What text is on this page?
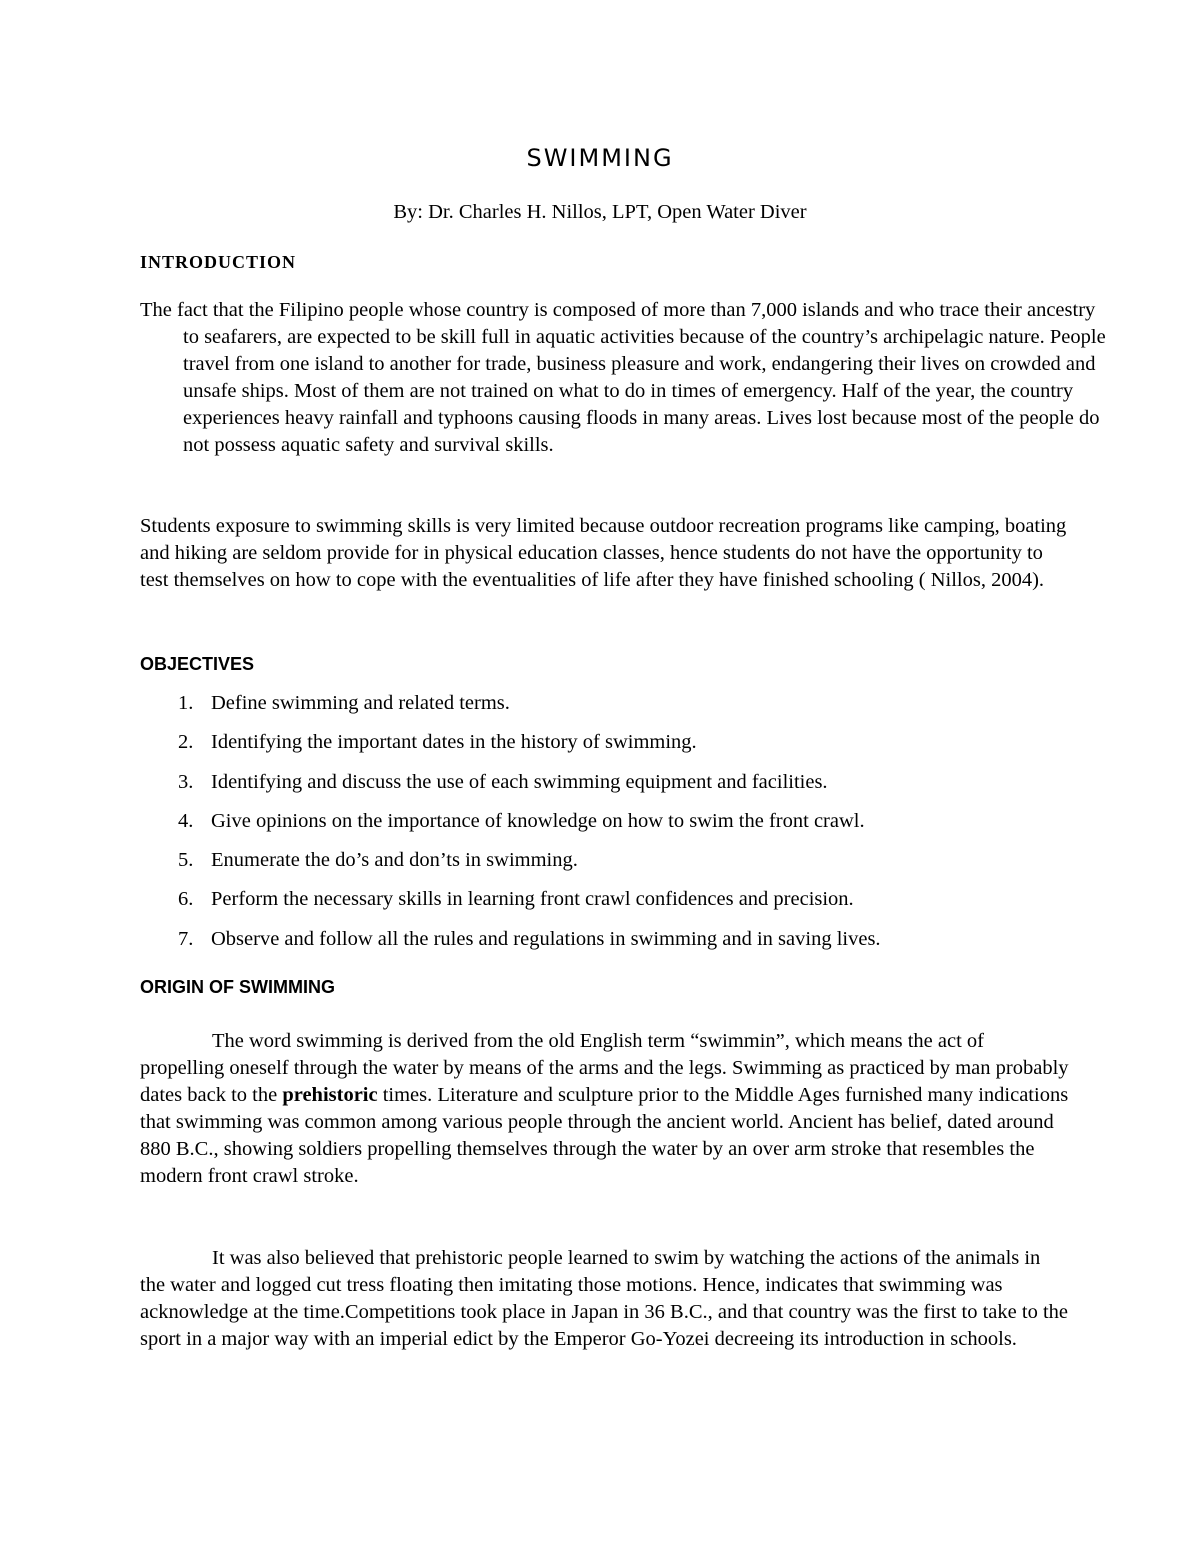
SWIMMING
By: Dr. Charles H. Nillos, LPT, Open Water Diver
INTRODUCTION

The fact that the Filipino people whose country is composed of more than 7,000 islands and who trace their ancestry to seafarers, are expected to be skill full in aquatic activities because of the country’s archipelagic nature. People travel from one island to another for trade, business pleasure and work, endangering their lives on crowded and unsafe ships. Most of them are not trained on what to do in times of emergency. Half of the year, the country experiences heavy rainfall and typhoons causing floods in many areas. Lives lost because most of the people do not possess aquatic safety and survival skills.

Students exposure to swimming skills is very limited because outdoor recreation programs like camping, boating and hiking are seldom provide for in physical education classes, hence students do not have the opportunity to test themselves on how to cope with the eventualities of life after they have finished schooling ( Nillos, 2004).

OBJECTIVES
1. Define swimming and related terms.
2. Identifying the important dates in the history of swimming.
3. Identifying and discuss the use of each swimming equipment and facilities.
4. Give opinions on the importance of knowledge on how to swim the front crawl.
5. Enumerate the do’s and don’ts in swimming.
6. Perform the necessary skills in learning front crawl confidences and precision.
7. Observe and follow all the rules and regulations in swimming and in saving lives.
ORIGIN OF SWIMMING

The word swimming is derived from the old English term “swimmin”, which means the act of propelling oneself through the water by means of the arms and the legs. Swimming as practiced by man probably dates back to the prehistoric times. Literature and sculpture prior to the Middle Ages furnished many indications that swimming was common among various people through the ancient world. Ancient has belief, dated around 880 B.C., showing soldiers propelling themselves through the water by an over arm stroke that resembles the modern front crawl stroke.

It was also believed that prehistoric people learned to swim by watching the actions of the animals in the water and logged cut tress floating then imitating those motions. Hence, indicates that swimming was acknowledge at the time.Competitions took place in Japan in 36 B.C., and that country was the first to take to the sport in a major way with an imperial edict by the Emperor Go-Yozei decreeing its introduction in schools.
